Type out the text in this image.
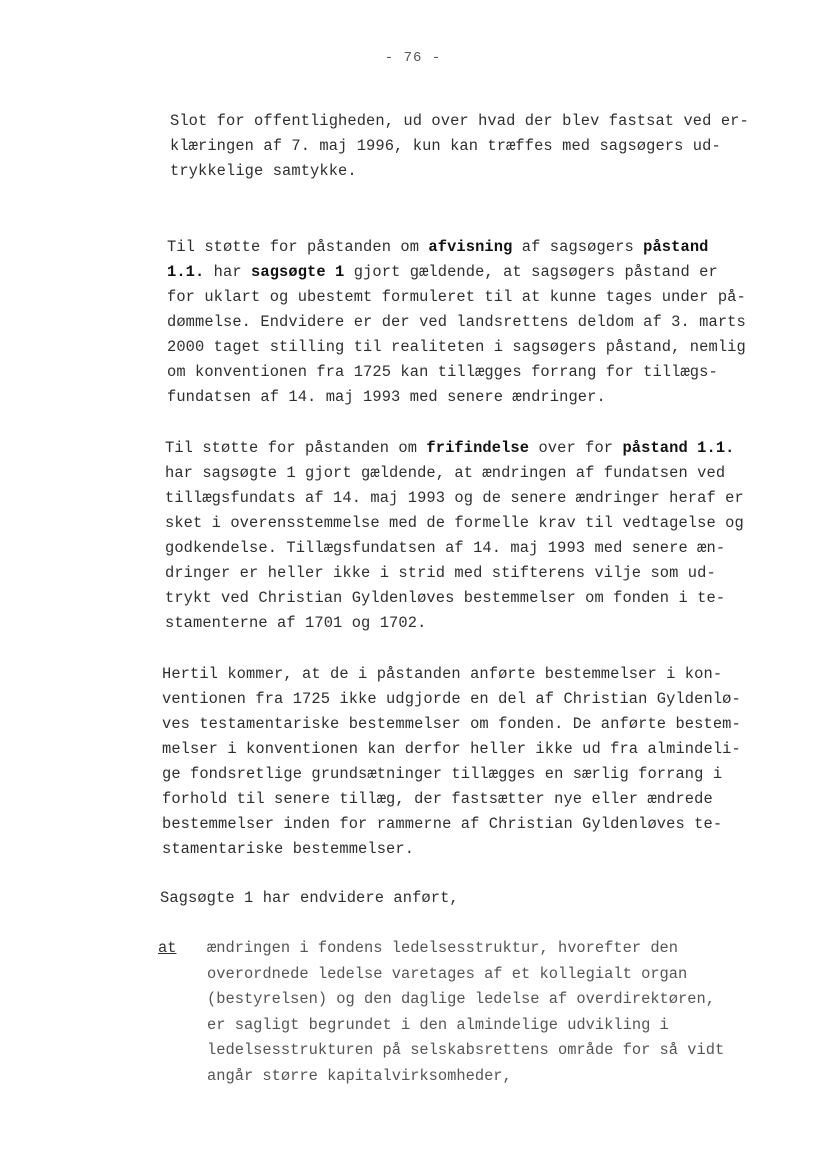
- 76 -
Slot for offentligheden, ud over hvad der blev fastsat ved er-
klæringen af 7. maj 1996, kun kan træffes med sagsøgers ud-
trykkelige samtykke.
Til støtte for påstanden om afvisning af sagsøgers påstand
1.1. har sagsøgte 1 gjort gældende, at sagsøgers påstand er
for uklart og ubestemt formuleret til at kunne tages under på-
dømmelse. Endvidere er der ved landsrettens deldom af 3. marts
2000 taget stilling til realiteten i sagsøgers påstand, nemlig
om konventionen fra 1725 kan tillægges forrang for tillægs-
fundatsen af 14. maj 1993 med senere ændringer.
Til støtte for påstanden om frifindelse over for påstand 1.1.
har sagsøgte 1 gjort gældende, at ændringen af fundatsen ved
tillægsfundats af 14. maj 1993 og de senere ændringer heraf er
sket i overensstemmelse med de formelle krav til vedtagelse og
godkendelse. Tillægsfundatsen af 14. maj 1993 med senere æn-
dringer er heller ikke i strid med stifterens vilje som ud-
trykt ved Christian Gyldenløves bestemmelser om fonden i te-
stamenterne af 1701 og 1702.
Hertil kommer, at de i påstanden anførte bestemmelser i kon-
ventionen fra 1725 ikke udgjorde en del af Christian Gyldenlø-
ves testamentariske bestemmelser om fonden. De anførte bestem-
melser i konventionen kan derfor heller ikke ud fra almindeli-
ge fondsretlige grundsætninger tillægges en særlig forrang i
forhold til senere tillæg, der fastsætter nye eller ændrede
bestemmelser inden for rammerne af Christian Gyldenløves te-
stamentariske bestemmelser.
Sagsøgte 1 har endvidere anført,
at ændringen i fondens ledelsesstruktur, hvorefter den
overordnede ledelse varetages af et kollegialt organ
(bestyrelsen) og den daglige ledelse af overdirektøren,
er sagligt begrundet i den almindelige udvikling i
ledelsesstrukturen på selskabsrettens område for så vidt
angår større kapitalvirksomheder,
